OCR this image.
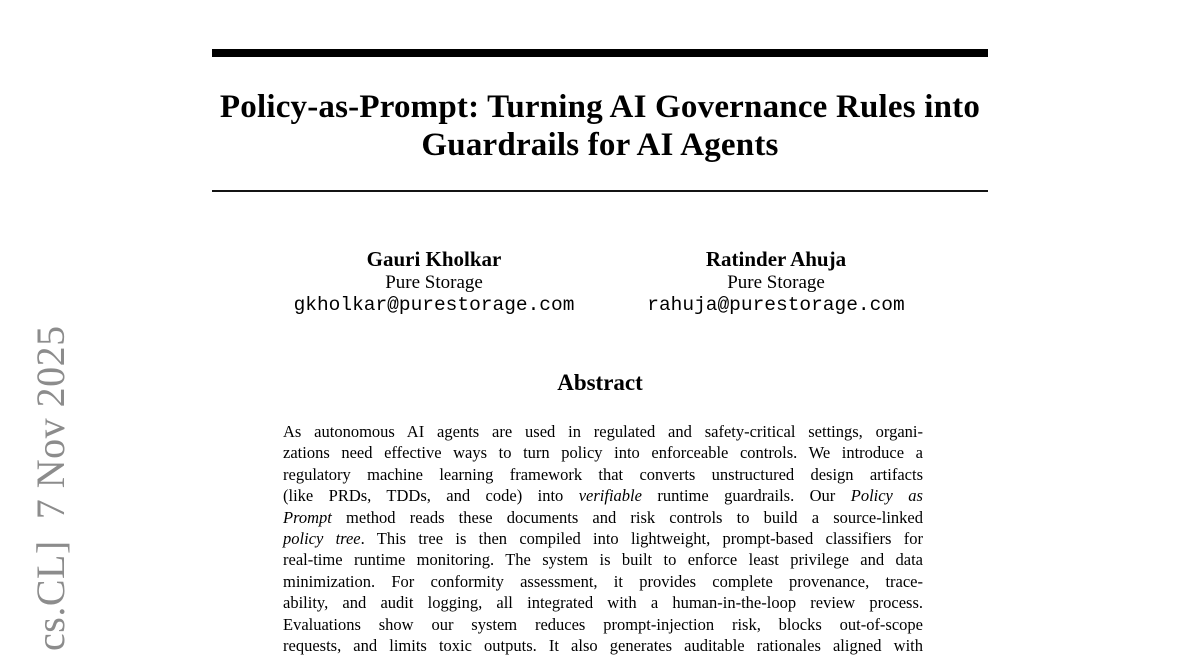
cs.CL]  7 Nov 2025
Policy-as-Prompt: Turning AI Governance Rules into
Guardrails for AI Agents
Gauri Kholkar
Pure Storage
gkholkar@purestorage.com
Ratinder Ahuja
Pure Storage
rahuja@purestorage.com
Abstract
As autonomous AI agents are used in regulated and safety-critical settings, organi-
zations need effective ways to turn policy into enforceable controls. We introduce a
regulatory machine learning framework that converts unstructured design artifacts
(like PRDs, TDDs, and code) into verifiable runtime guardrails. Our Policy as
Prompt method reads these documents and risk controls to build a source-linked
policy tree. This tree is then compiled into lightweight, prompt-based classifiers for
real-time runtime monitoring. The system is built to enforce least privilege and data
minimization. For conformity assessment, it provides complete provenance, trace-
ability, and audit logging, all integrated with a human-in-the-loop review process.
Evaluations show our system reduces prompt-injection risk, blocks out-of-scope
requests, and limits toxic outputs. It also generates auditable rationales aligned with
